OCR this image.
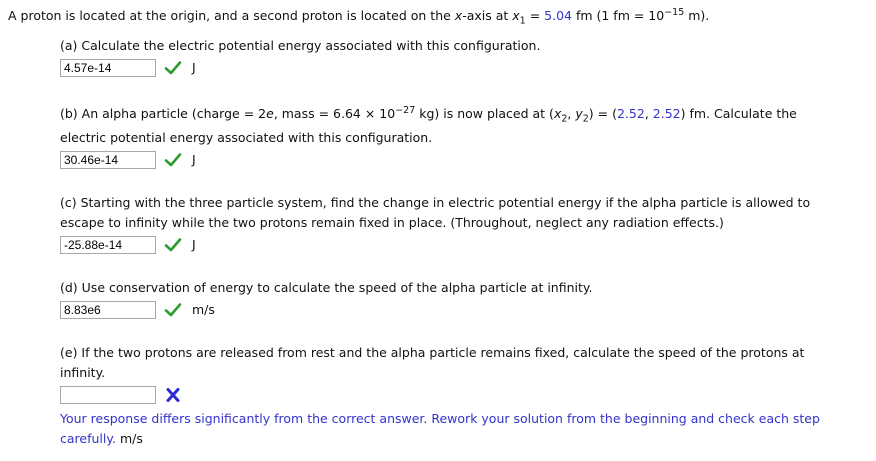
A proton is located at the origin, and a second proton is located on the x-axis at $x_1 = 5.04$ fm (1 fm = $10^{-15}$ m).
(a) Calculate the electric potential energy associated with this configuration.
4.57e-14
J
(b) An alpha particle (charge = 2e, mass = $6.64 \times 10^{-27}$ kg) is now placed at ($x_2$, $y_2) = (2.52$, 2.52) fm. Calculate the
electric potential energy associated with this configuration.
30.46e-14
J
(c) Starting with the three particle system, find the change in electric potential energy if the alpha particle is allowed to
escape to infinity while the two protons remain fixed in place. (Throughout, neglect any radiation effects.)
-25.88e-14
J
(d) Use conservation of energy to calculate the speed of the alpha particle at infinity.
8.83e6
m/s
(e) If the two protons are released from rest and the alpha particle remains fixed, calculate the speed of the protons at
infinity.
Your response differs significantly from the correct answer. Rework your solution from the beginning and check each step
carefully. m/s
